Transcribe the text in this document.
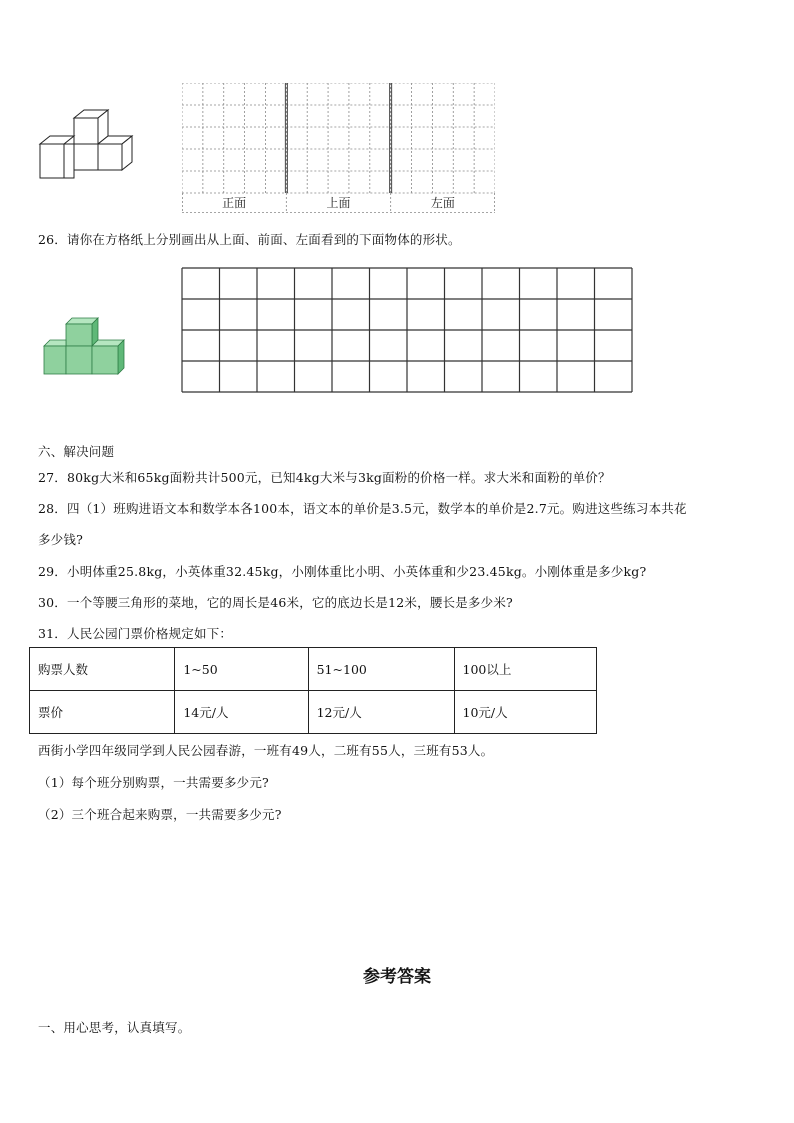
正面	上面	左面
26．请你在方格纸上分别画出从上面、前面、左面看到的下面物体的形状。
六、解决问题
27．80kg大米和65kg面粉共计500元，已知4kg大米与3kg面粉的价格一样。求大米和面粉的单价？
28．四（1）班购进语文本和数学本各100本，语文本的单价是3.5元，数学本的单价是2.7元。购进这些练习本共花
多少钱?
29．小明体重25.8kg，小英体重32.45kg，小刚体重比小明、小英体重和少23.45kg。小刚体重是多少kg?
30．一个等腰三角形的菜地，它的周长是46米，它的底边长是12米，腰长是多少米?
31．人民公园门票价格规定如下：
购票人数	1~50	51~100	100以上
票价	14元/人	12元/人	10元/人
西街小学四年级同学到人民公园春游，一班有49人，二班有55人，三班有53人。
（1）每个班分别购票，一共需要多少元?
（2）三个班合起来购票，一共需要多少元?
参考答案
一、用心思考，认真填写。
